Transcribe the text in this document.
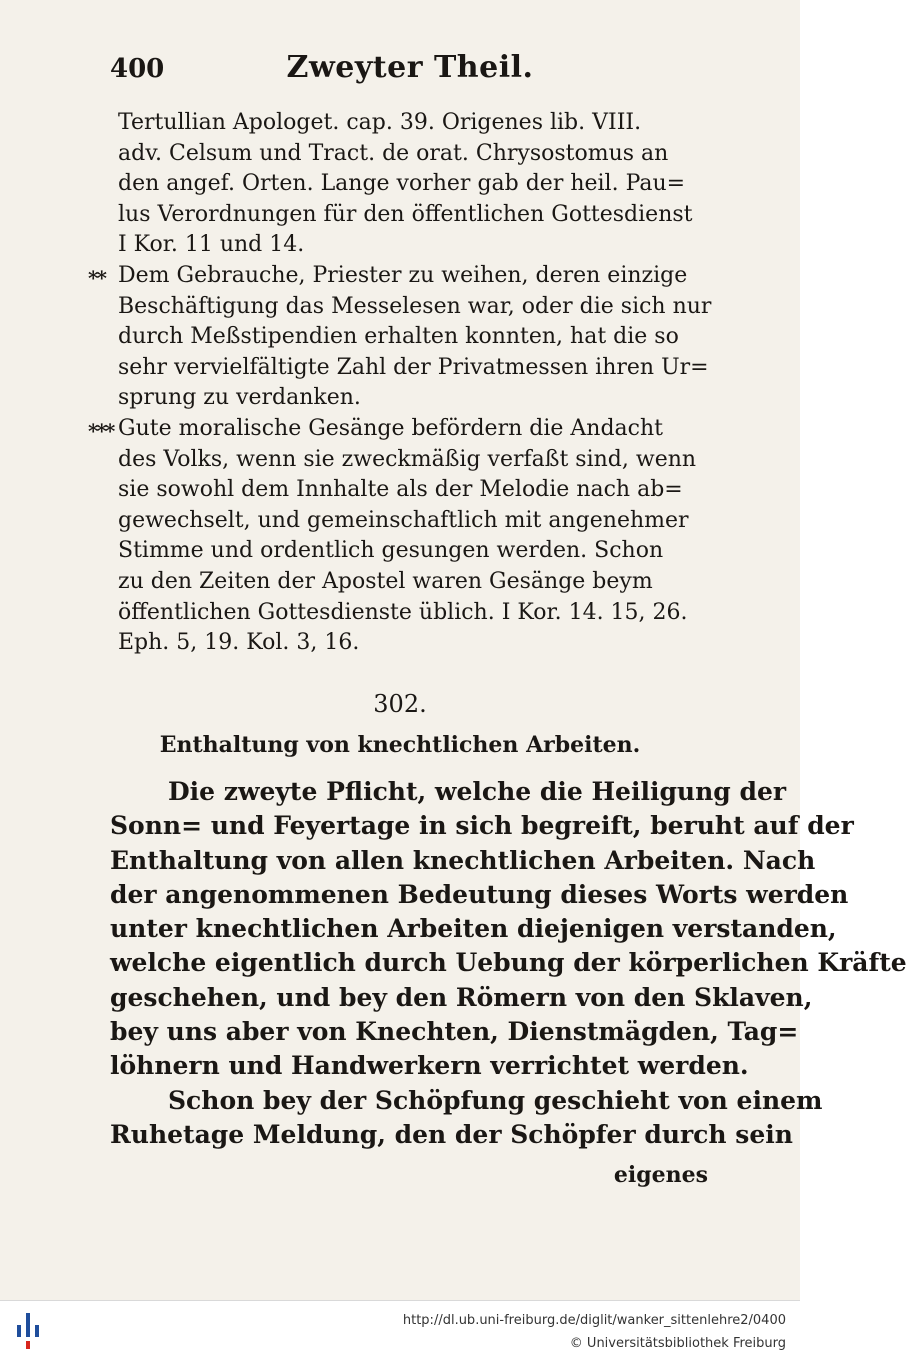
400	Zweyter Theil.
Tertullian Apologet. cap. 39. Origenes lib. VIII.
adv. Celsum und Tract. de orat. Chrysostomus an
den angef. Orten. Lange vorher gab der heil. Pau=
lus Verordnungen für den öffentlichen Gottesdienst
I Kor. 11 und 14.
** Dem Gebrauche, Priester zu weihen, deren einzige
Beschäftigung das Messelesen war, oder die sich nur
durch Meßstipendien erhalten konnten, hat die so
sehr vervielfältigte Zahl der Privatmessen ihren Ur=
sprung zu verdanken.
*** Gute moralische Gesänge befördern die Andacht
des Volks, wenn sie zweckmäßig verfaßt sind, wenn
sie sowohl dem Innhalte als der Melodie nach ab=
gewechselt, und gemeinschaftlich mit angenehmer
Stimme und ordentlich gesungen werden. Schon
zu den Zeiten der Apostel waren Gesänge beym
öffentlichen Gottesdienste üblich. I Kor. 14. 15, 26.
Eph. 5, 19. Kol. 3, 16.
302.
Enthaltung von knechtlichen Arbeiten.
Die zweyte Pflicht, welche die Heiligung der
Sonn= und Feyertage in sich begreift, beruht auf der
Enthaltung von allen knechtlichen Arbeiten. Nach
der angenommenen Bedeutung dieses Worts werden
unter knechtlichen Arbeiten diejenigen verstanden,
welche eigentlich durch Uebung der körperlichen Kräfte
geschehen, und bey den Römern von den Sklaven,
bey uns aber von Knechten, Dienstmägden, Tag=
löhnern und Handwerkern verrichtet werden.
Schon bey der Schöpfung geschieht von einem
Ruhetage Meldung, den der Schöpfer durch sein
eigenes
http://dl.ub.uni-freiburg.de/diglit/wanker_sittenlehre2/0400
© Universitätsbibliothek Freiburg
